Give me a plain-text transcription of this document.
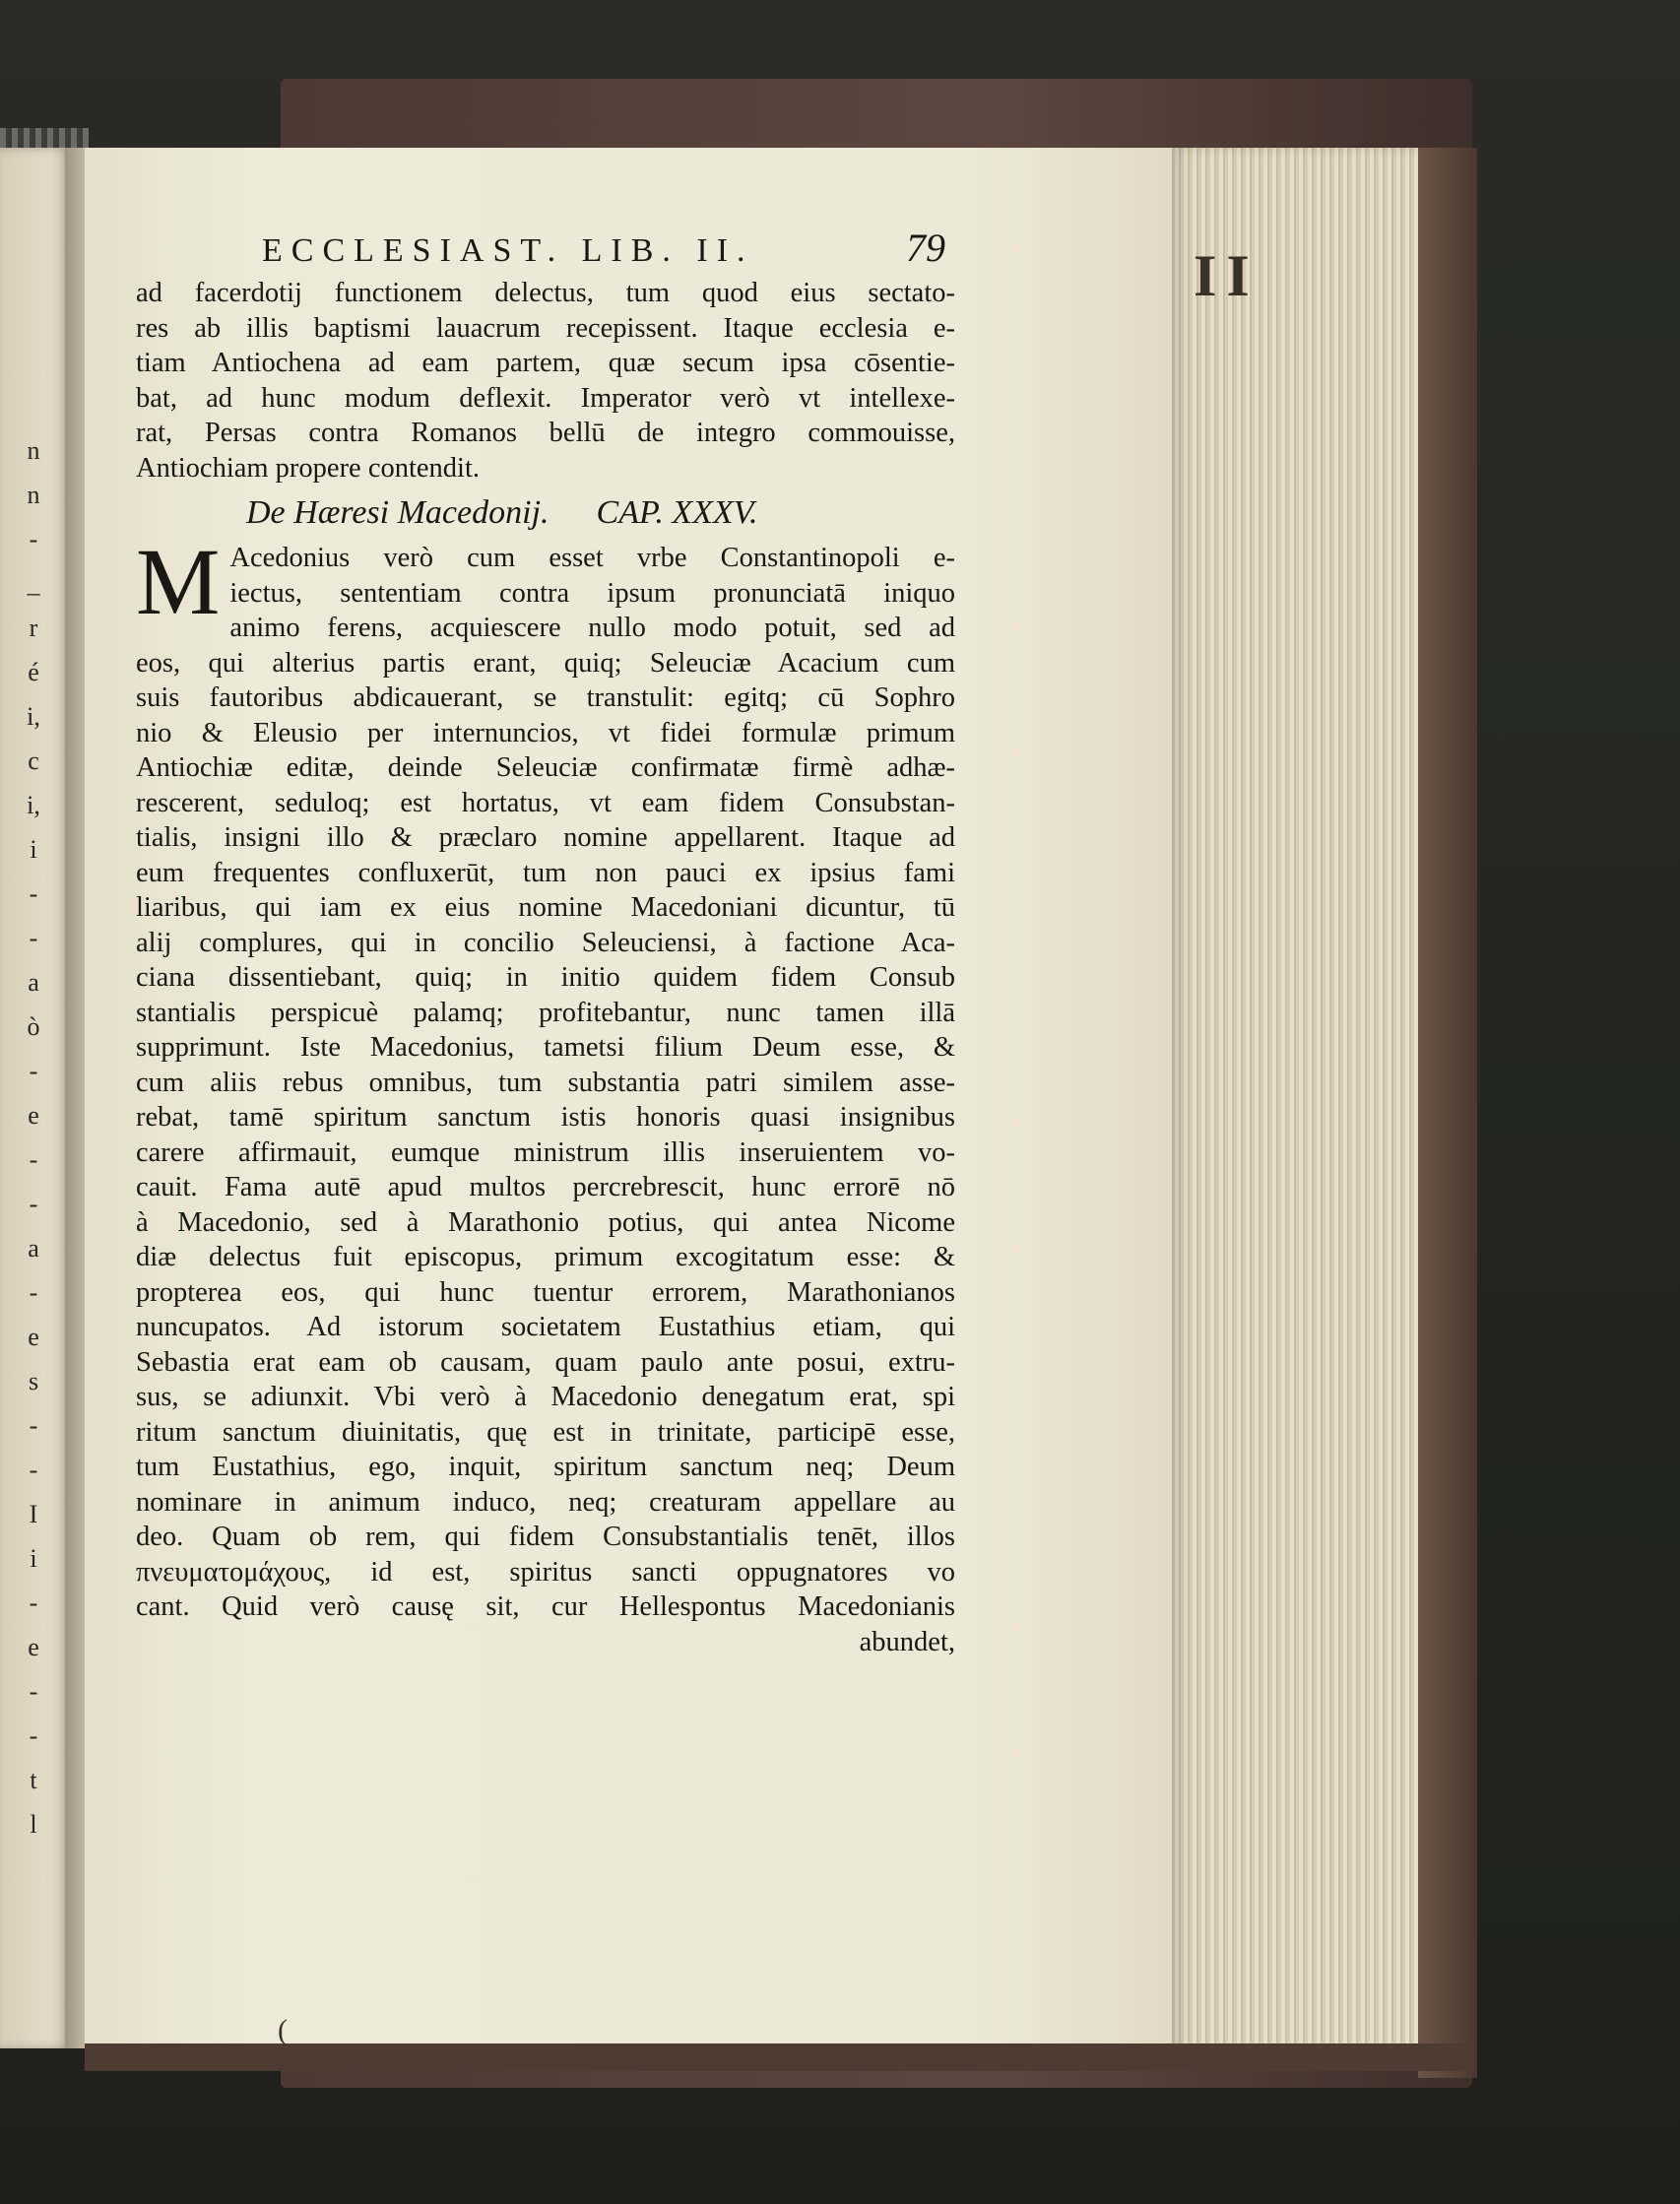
n
n
-
_
r
é
i,
c
i,
i
-
-
a
ò
-
e
-
-
a
-
e
s
-
-
I
i
-
e
-
-
t
l
II
ECCLESIAST. LIB. II.	79
ad facerdotij functionem delectus, tum quod eius sectato-
res ab illis baptismi lauacrum recepissent. Itaque ecclesia e-
tiam Antiochena ad eam partem, quæ secum ipsa cōsentie-
bat, ad hunc modum deflexit. Imperator verò vt intellexe-
rat, Persas contra Romanos bellū de integro commouisse,
Antiochiam propere contendit.
De Hæresi Macedonij. CAP. XXXV.
M Acedonius verò cum esset vrbe Constantinopoli e-
iectus, sententiam contra ipsum pronunciatā iniquo
animo ferens, acquiescere nullo modo potuit, sed ad
eos, qui alterius partis erant, quiq; Seleuciæ Acacium cum
suis fautoribus abdicauerant, se transtulit: egitq; cū Sophro
nio & Eleusio per internuncios, vt fidei formulæ primum
Antiochiæ editæ, deinde Seleuciæ confirmatæ firmè adhæ-
rescerent, seduloq; est hortatus, vt eam fidem Consubstan-
tialis, insigni illo & præclaro nomine appellarent. Itaque ad
eum frequentes confluxerūt, tum non pauci ex ipsius fami
liaribus, qui iam ex eius nomine Macedoniani dicuntur, tū
alij complures, qui in concilio Seleuciensi, à factione Aca-
ciana dissentiebant, quiq; in initio quidem fidem Consub
stantialis perspicuè palamq; profitebantur, nunc tamen illā
supprimunt. Iste Macedonius, tametsi filium Deum esse, &
cum aliis rebus omnibus, tum substantia patri similem asse-
rebat, tamē spiritum sanctum istis honoris quasi insignibus
carere affirmauit, eumque ministrum illis inseruientem vo-
cauit. Fama autē apud multos percrebrescit, hunc errorē nō
à Macedonio, sed à Marathonio potius, qui antea Nicome
diæ delectus fuit episcopus, primum excogitatum esse: &
propterea eos, qui hunc tuentur errorem, Marathonianos
nuncupatos. Ad istorum societatem Eustathius etiam, qui
Sebastia erat eam ob causam, quam paulo ante posui, extru-
sus, se adiunxit. Vbi verò à Macedonio denegatum erat, spi
ritum sanctum diuinitatis, quę est in trinitate, participē esse,
tum Eustathius, ego, inquit, spiritum sanctum neq; Deum
nominare in animum induco, neq; creaturam appellare au
deo. Quam ob rem, qui fidem Consubstantialis tenēt, illos
πνευματομάχους, id est, spiritus sancti oppugnatores vo
cant. Quid verò causę sit, cur Hellespontus Macedonianis
abundet,
(
